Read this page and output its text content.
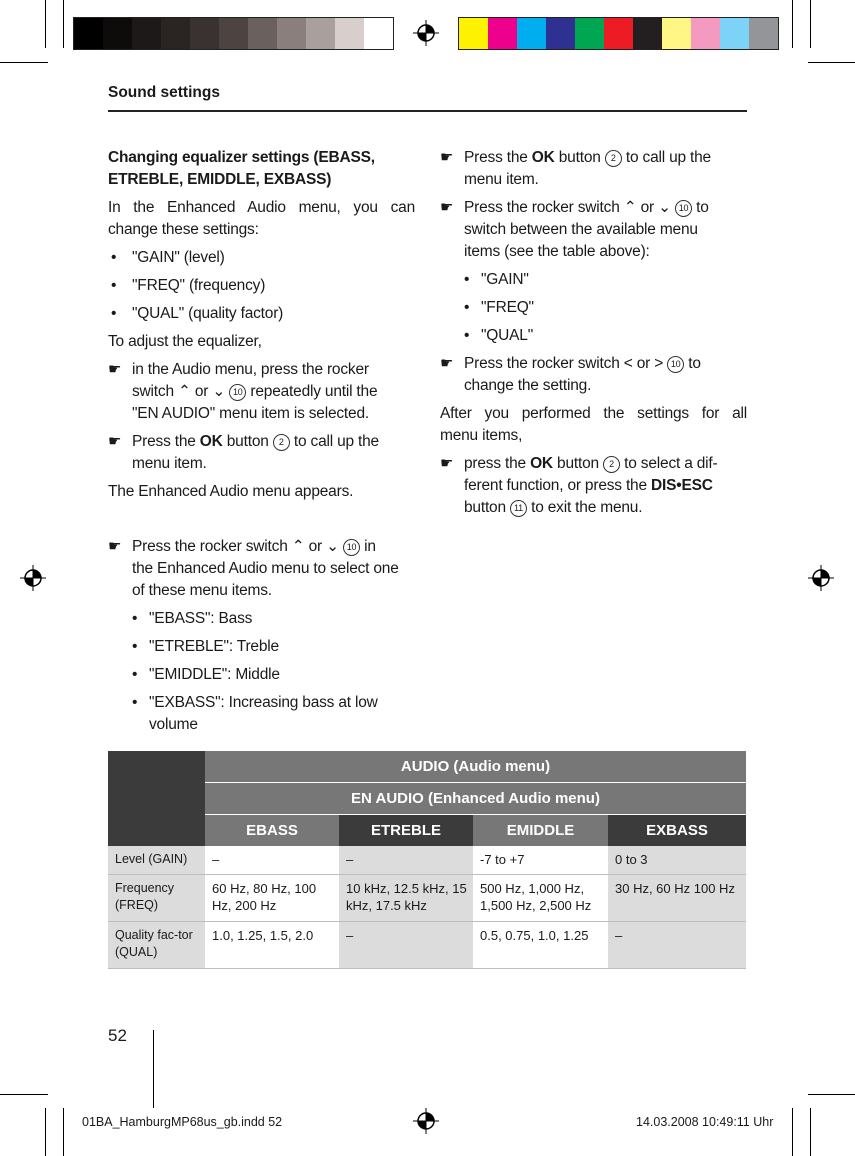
Sound settings

Changing equalizer settings (EBASS,
ETREBLE, EMIDDLE, EXBASS)

In the Enhanced Audio menu, you can
change these settings:

• "GAIN" (level)

• "FREQ" (frequency)

• "QUAL" (quality factor)

To adjust the equalizer,

☛ in the Audio menu, press the rocker
switch ⌃ or ⌄ 10 repeatedly until the
"EN AUDIO" menu item is selected.

☛ Press the OK button 2 to call up the
menu item.

The Enhanced Audio menu appears.

☛ Press the rocker switch ⌃ or ⌄ 10 in
the Enhanced Audio menu to select one
of these menu items.

• "EBASS": Bass

• "ETREBLE": Treble

• "EMIDDLE": Middle

• "EXBASS": Increasing bass at low
volume

☛ Press the OK button 2 to call up the
menu item.

☛ Press the rocker switch ⌃ or ⌄ 10 to
switch between the available menu
items (see the table above):

• "GAIN"

• "FREQ"

• "QUAL"

☛ Press the rocker switch < or > 10 to
change the setting.

After you performed the settings for all
menu items,

☛ press the OK button 2 to select a dif-
ferent function, or press the DIS•ESC
button 11 to exit the menu.

	AUDIO (Audio menu)			
	EN AUDIO (Enhanced Audio menu)			
	EBASS	ETREBLE	EMIDDLE	EXBASS
Level (GAIN)	–	–	-7 to +7	0 to 3
Frequency (FREQ)	60 Hz, 80 Hz, 100 Hz, 200 Hz	10 kHz, 12.5 kHz, 15 kHz, 17.5 kHz	500 Hz, 1,000 Hz, 1,500 Hz, 2,500 Hz	30 Hz, 60 Hz 100 Hz
Quality fac-tor (QUAL)	1.0, 1.25, 1.5, 2.0	–	0.5, 0.75, 1.0, 1.25	–
52
01BA_HamburgMP68us_gb.indd 52	14.03.2008 10:49:11 Uhr
